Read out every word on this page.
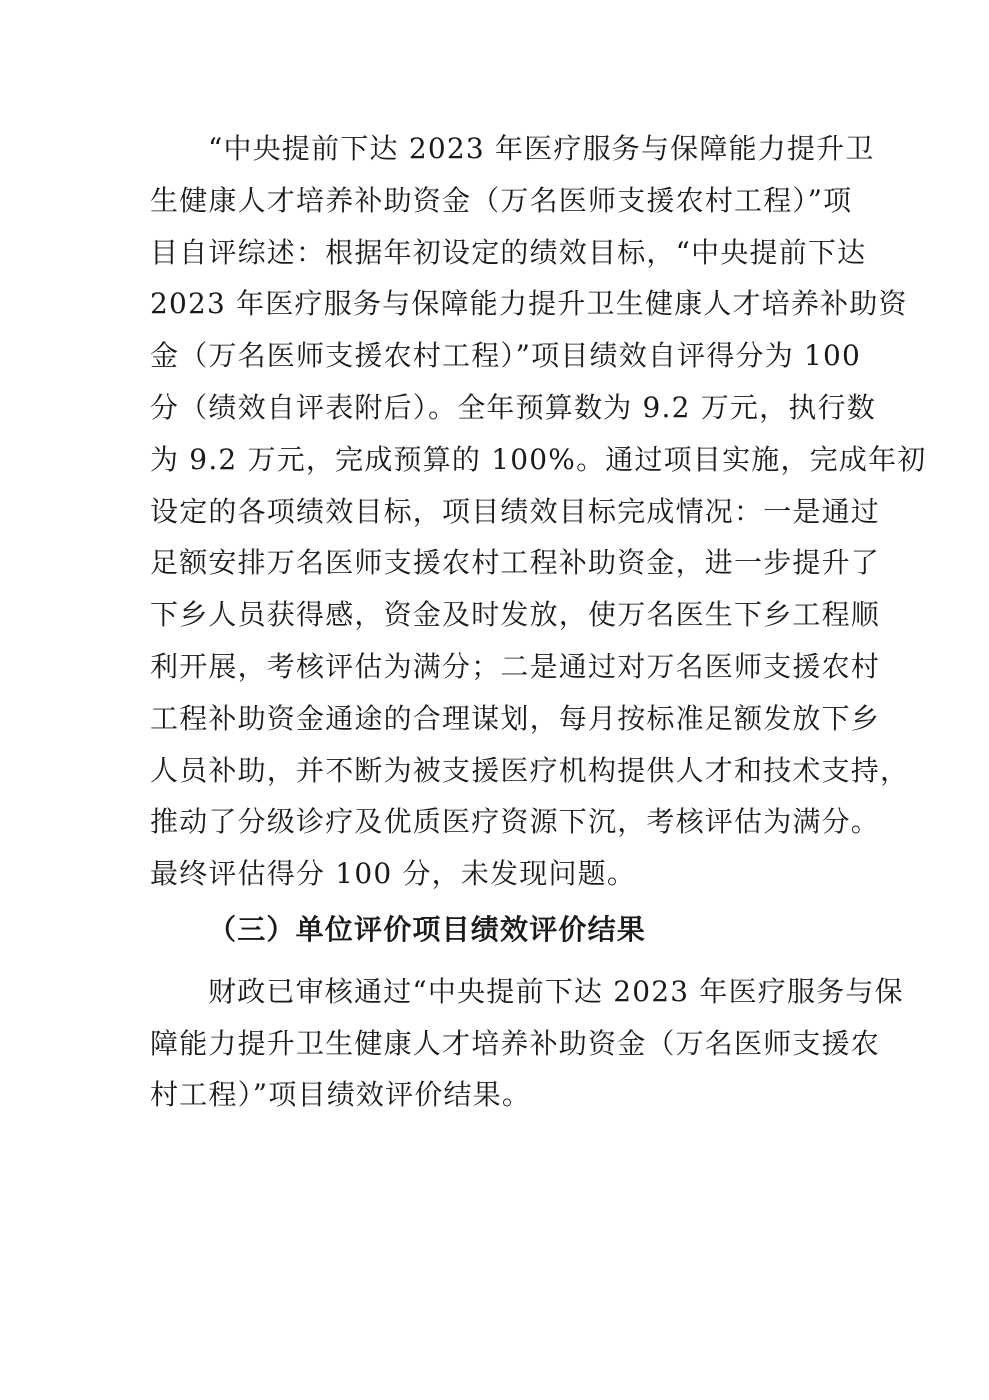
“中央提前下达 2023 年医疗服务与保障能力提升卫
生健康人才培养补助资金（万名医师支援农村工程）”项
目自评综述：根据年初设定的绩效目标，“中央提前下达
2023 年医疗服务与保障能力提升卫生健康人才培养补助资
金（万名医师支援农村工程）”项目绩效自评得分为 100
分（绩效自评表附后）。全年预算数为 9.2 万元，执行数
为 9.2 万元，完成预算的 100%。通过项目实施，完成年初
设定的各项绩效目标，项目绩效目标完成情况：一是通过
足额安排万名医师支援农村工程补助资金，进一步提升了
下乡人员获得感，资金及时发放，使万名医生下乡工程顺
利开展，考核评估为满分；二是通过对万名医师支援农村
工程补助资金通途的合理谋划，每月按标准足额发放下乡
人员补助，并不断为被支援医疗机构提供人才和技术支持，
推动了分级诊疗及优质医疗资源下沉，考核评估为满分。
最终评估得分 100 分，未发现问题。
（三）单位评价项目绩效评价结果
财政已审核通过“中央提前下达 2023 年医疗服务与保
障能力提升卫生健康人才培养补助资金（万名医师支援农
村工程）”项目绩效评价结果。
